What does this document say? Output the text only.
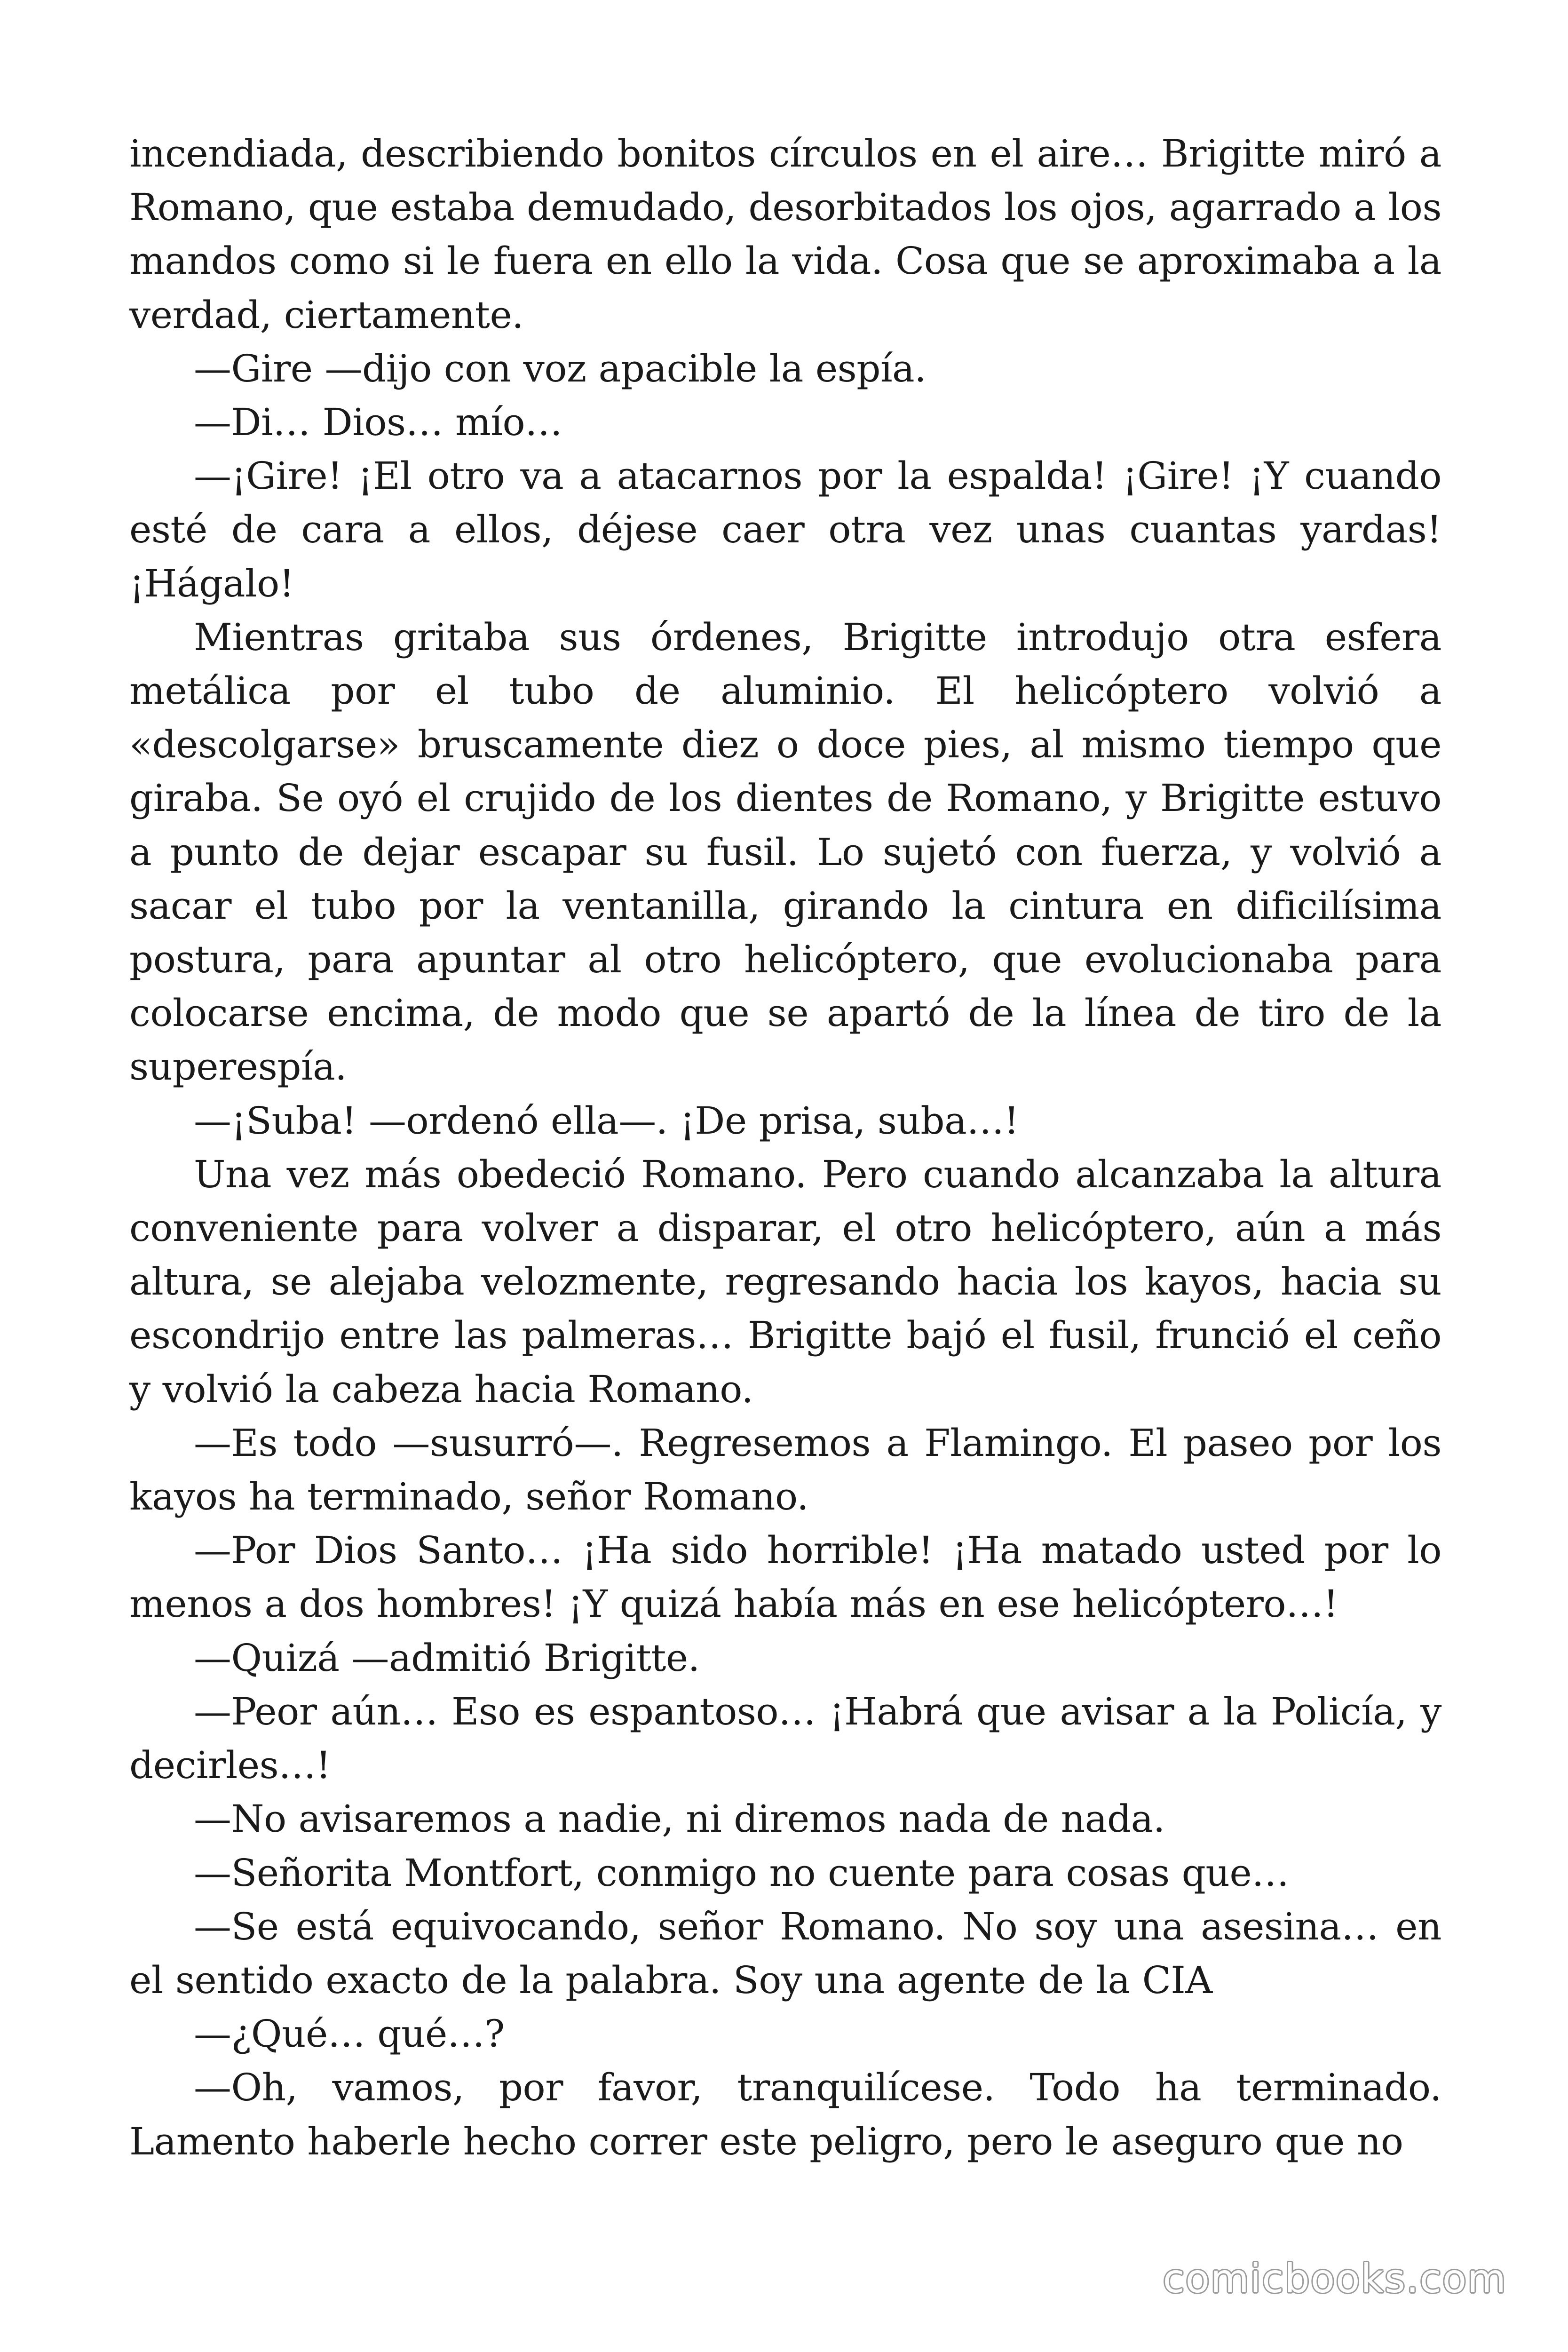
incendiada, describiendo bonitos círculos en el aire… Brigitte miró a Romano, que estaba demudado, desorbitados los ojos, agarrado a los mandos como si le fuera en ello la vida. Cosa que se aproximaba a la verdad, ciertamente.

—Gire —dijo con voz apacible la espía.

—Di… Dios… mío…

—¡Gire! ¡El otro va a atacarnos por la espalda! ¡Gire! ¡Y cuando esté de cara a ellos, déjese caer otra vez unas cuantas yardas! ¡Hágalo!

Mientras gritaba sus órdenes, Brigitte introdujo otra esfera metálica por el tubo de aluminio. El helicóptero volvió a «descolgarse» bruscamente diez o doce pies, al mismo tiempo que giraba. Se oyó el crujido de los dientes de Romano, y Brigitte estuvo a punto de dejar escapar su fusil. Lo sujetó con fuerza, y volvió a sacar el tubo por la ventanilla, girando la cintura en dificilísima postura, para apuntar al otro helicóptero, que evolucionaba para colocarse encima, de modo que se apartó de la línea de tiro de la superespía.

—¡Suba! —ordenó ella—. ¡De prisa, suba…!

Una vez más obedeció Romano. Pero cuando alcanzaba la altura conveniente para volver a disparar, el otro helicóptero, aún a más altura, se alejaba velozmente, regresando hacia los kayos, hacia su escondrijo entre las palmeras… Brigitte bajó el fusil, frunció el ceño y volvió la cabeza hacia Romano.

—Es todo —susurró—. Regresemos a Flamingo. El paseo por los kayos ha terminado, señor Romano.

—Por Dios Santo… ¡Ha sido horrible! ¡Ha matado usted por lo menos a dos hombres! ¡Y quizá había más en ese helicóptero…!

—Quizá —admitió Brigitte.

—Peor aún… Eso es espantoso… ¡Habrá que avisar a la Policía, y decirles…!

—No avisaremos a nadie, ni diremos nada de nada.

—Señorita Montfort, conmigo no cuente para cosas que…

—Se está equivocando, señor Romano. No soy una asesina… en el sentido exacto de la palabra. Soy una agente de la CIA

—¿Qué… qué…?

—Oh, vamos, por favor, tranquilícese. Todo ha terminado. Lamento haberle hecho correr este peligro, pero le aseguro que no

comicbooks.com
